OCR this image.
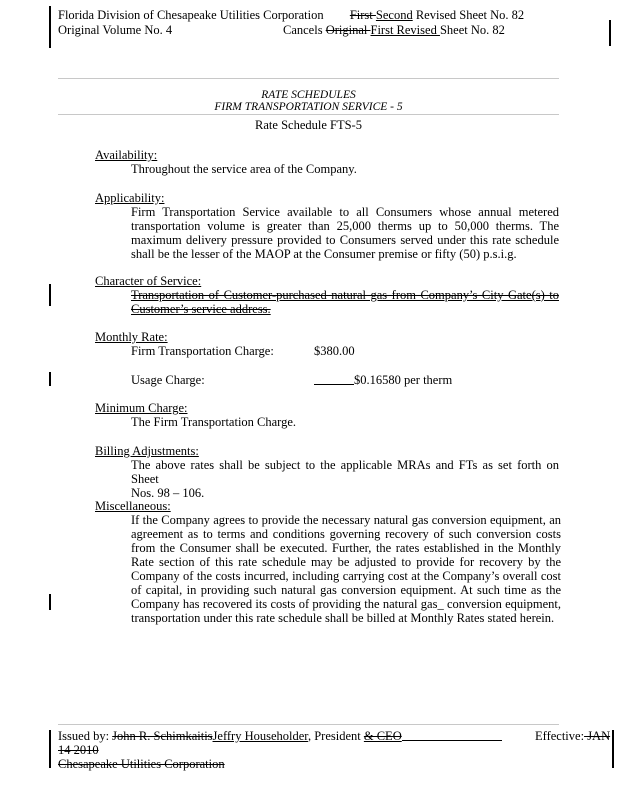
Florida Division of Chesapeake Utilities Corporation First Second Revised Sheet No. 82
Original Volume No. 4	Cancels Original First Revised Sheet No. 82
RATE SCHEDULES
FIRM TRANSPORTATION SERVICE - 5
Rate Schedule FTS-5
Availability:
Throughout the service area of the Company.
Applicability:
Firm Transportation Service available to all Consumers whose annual metered
transportation volume is greater than 25,000 therms up to 50,000 therms. The
maximum delivery pressure provided to Consumers served under this rate schedule
shall be the lesser of the MAOP at the Consumer premise or fifty (50) p.s.i.g.
Character of Service:
Transportation of Customer-purchased natural gas from Company’s City Gate(s) to
Customer’s service address.
Monthly Rate:
Firm Transportation Charge:	$380.00
Usage Charge:	$0.16580 per therm
Minimum Charge:
The Firm Transportation Charge.
Billing Adjustments:
The above rates shall be subject to the applicable MRAs and FTs as set forth on Sheet
Nos. 98 – 106.
Miscellaneous:
If the Company agrees to provide the necessary natural gas conversion equipment, an
agreement as to terms and conditions governing recovery of such conversion costs
from the Consumer shall be executed. Further, the rates established in the Monthly
Rate section of this rate schedule may be adjusted to provide for recovery by the
Company of the costs incurred, including carrying cost at the Company’s overall cost
of capital, in providing such natural gas conversion equipment. At such time as the
Company has recovered its costs of providing the natural gas_ conversion equipment,
transportation under this rate schedule shall be billed at Monthly Rates stated herein.
Issued by: John R. SchimkaitisJeffry Householder, President & CEO	Effective: JAN
14 2010
Chesapeake Utilities Corporation
